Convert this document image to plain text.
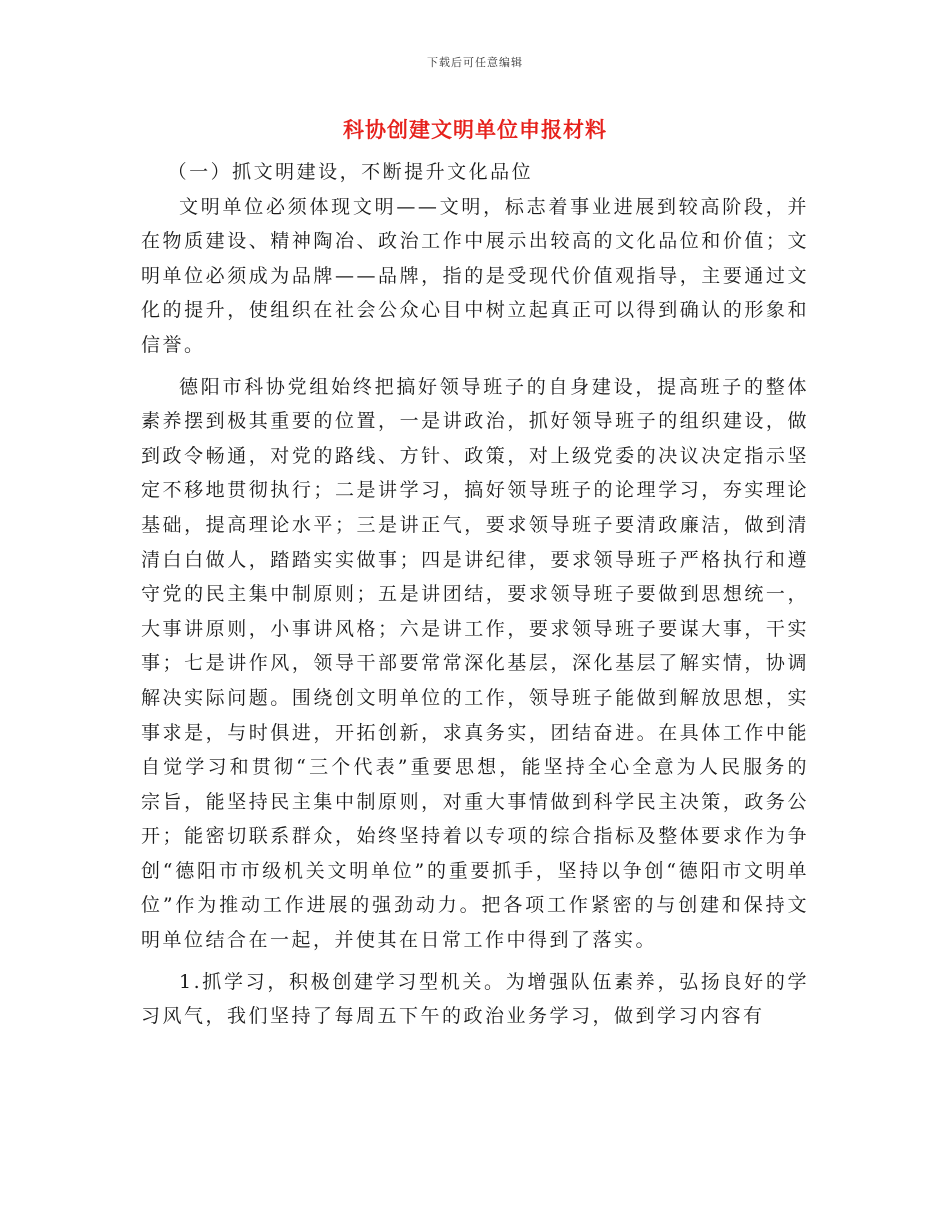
下载后可任意编辑
科协创建文明单位申报材料

（一）抓文明建设，不断提升文化品位

文明单位必须体现文明——文明，标志着事业进展到较高阶段，并在物质建设、精神陶冶、政治工作中展示出较高的文化品位和价值；文明单位必须成为品牌——品牌，指的是受现代价值观指导，主要通过文化的提升，使组织在社会公众心目中树立起真正可以得到确认的形象和信誉。

德阳市科协党组始终把搞好领导班子的自身建设，提高班子的整体素养摆到极其重要的位置，一是讲政治，抓好领导班子的组织建设，做到政令畅通，对党的路线、方针、政策，对上级党委的决议决定指示坚定不移地贯彻执行；二是讲学习，搞好领导班子的论理学习，夯实理论基础，提高理论水平；三是讲正气，要求领导班子要清政廉洁，做到清清白白做人，踏踏实实做事；四是讲纪律，要求领导班子严格执行和遵守党的民主集中制原则；五是讲团结，要求领导班子要做到思想统一，大事讲原则，小事讲风格；六是讲工作，要求领导班子要谋大事，干实事；七是讲作风，领导干部要常常深化基层，深化基层了解实情，协调解决实际问题。围绕创文明单位的工作，领导班子能做到解放思想，实事求是，与时俱进，开拓创新，求真务实，团结奋进。在具体工作中能自觉学习和贯彻“三个代表”重要思想，能坚持全心全意为人民服务的宗旨，能坚持民主集中制原则，对重大事情做到科学民主决策，政务公开；能密切联系群众，始终坚持着以专项的综合指标及整体要求作为争创“德阳市市级机关文明单位”的重要抓手，坚持以争创“德阳市文明单位”作为推动工作进展的强劲动力。把各项工作紧密的与创建和保持文明单位结合在一起，并使其在日常工作中得到了落实。

1.抓学习，积极创建学习型机关。为增强队伍素养，弘扬良好的学习风气，我们坚持了每周五下午的政治业务学习，做到学习内容有
